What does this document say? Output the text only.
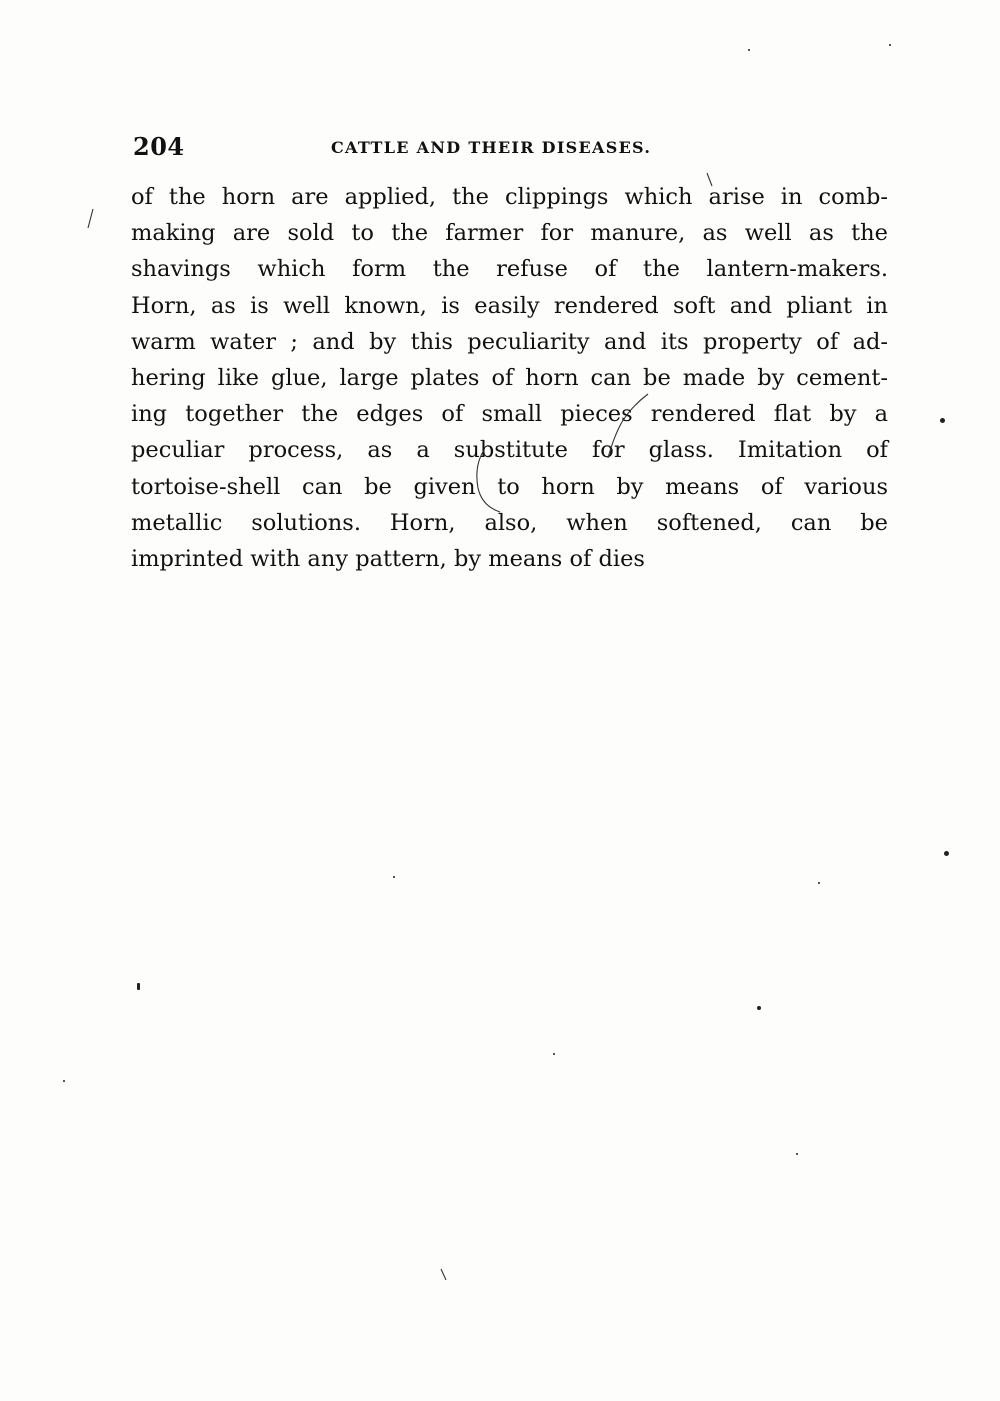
204	CATTLE AND THEIR DISEASES.
of the horn are applied, the clippings which arise in comb-
making are sold to the farmer for manure, as well as the
shavings which form the refuse of the lantern-makers.
Horn, as is well known, is easily rendered soft and pliant in
warm water ; and by this peculiarity and its property of ad-
hering like glue, large plates of horn can be made by cement-
ing together the edges of small pieces rendered flat by a
peculiar process, as a substitute for glass. Imitation of
tortoise-shell can be given to horn by means of various
metallic solutions. Horn, also, when softened, can be
imprinted with any pattern, by means of dies
